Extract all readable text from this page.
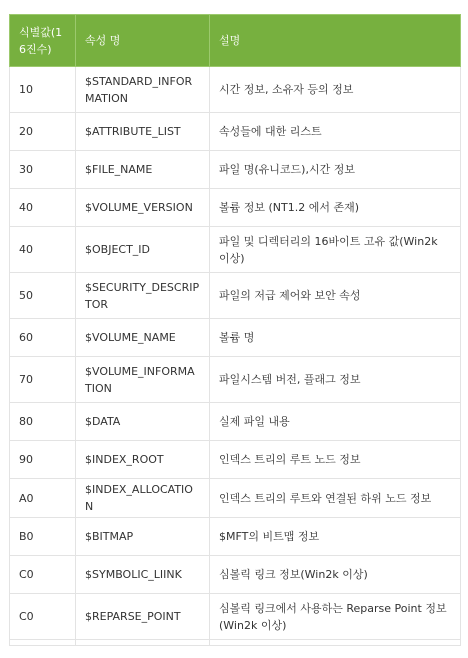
식별값(16진수)	속성 명	설명
10	$STANDARD_INFORMATION	시간 정보, 소유자 등의 정보
20	$ATTRIBUTE_LIST	속성들에 대한 리스트
30	$FILE_NAME	파일 명(유니코드),시간 정보
40	$VOLUME_VERSION	볼륨 정보 (NT1.2 에서 존재)
40	$OBJECT_ID	파일 및 디렉터리의 16바이트 고유 값(Win2k 이상)
50	$SECURITY_DESCRIPTOR	파일의 저급 제어와 보안 속성
60	$VOLUME_NAME	볼륨 명
70	$VOLUME_INFORMATION	파일시스템 버전, 플래그 정보
80	$DATA	실제 파일 내용
90	$INDEX_ROOT	인덱스 트리의 루트 노드 정보
A0	$INDEX_ALLOCATION	인덱스 트리의 루트와 연결된 하위 노드 정보
B0	$BITMAP	$MFT의 비트맵 정보
C0	$SYMBOLIC_LIINK	심볼릭 링크 정보(Win2k 이상)
C0	$REPARSE_POINT	심볼릭 링크에서 사용하는 Reparse Point 정보(Win2k 이상)
